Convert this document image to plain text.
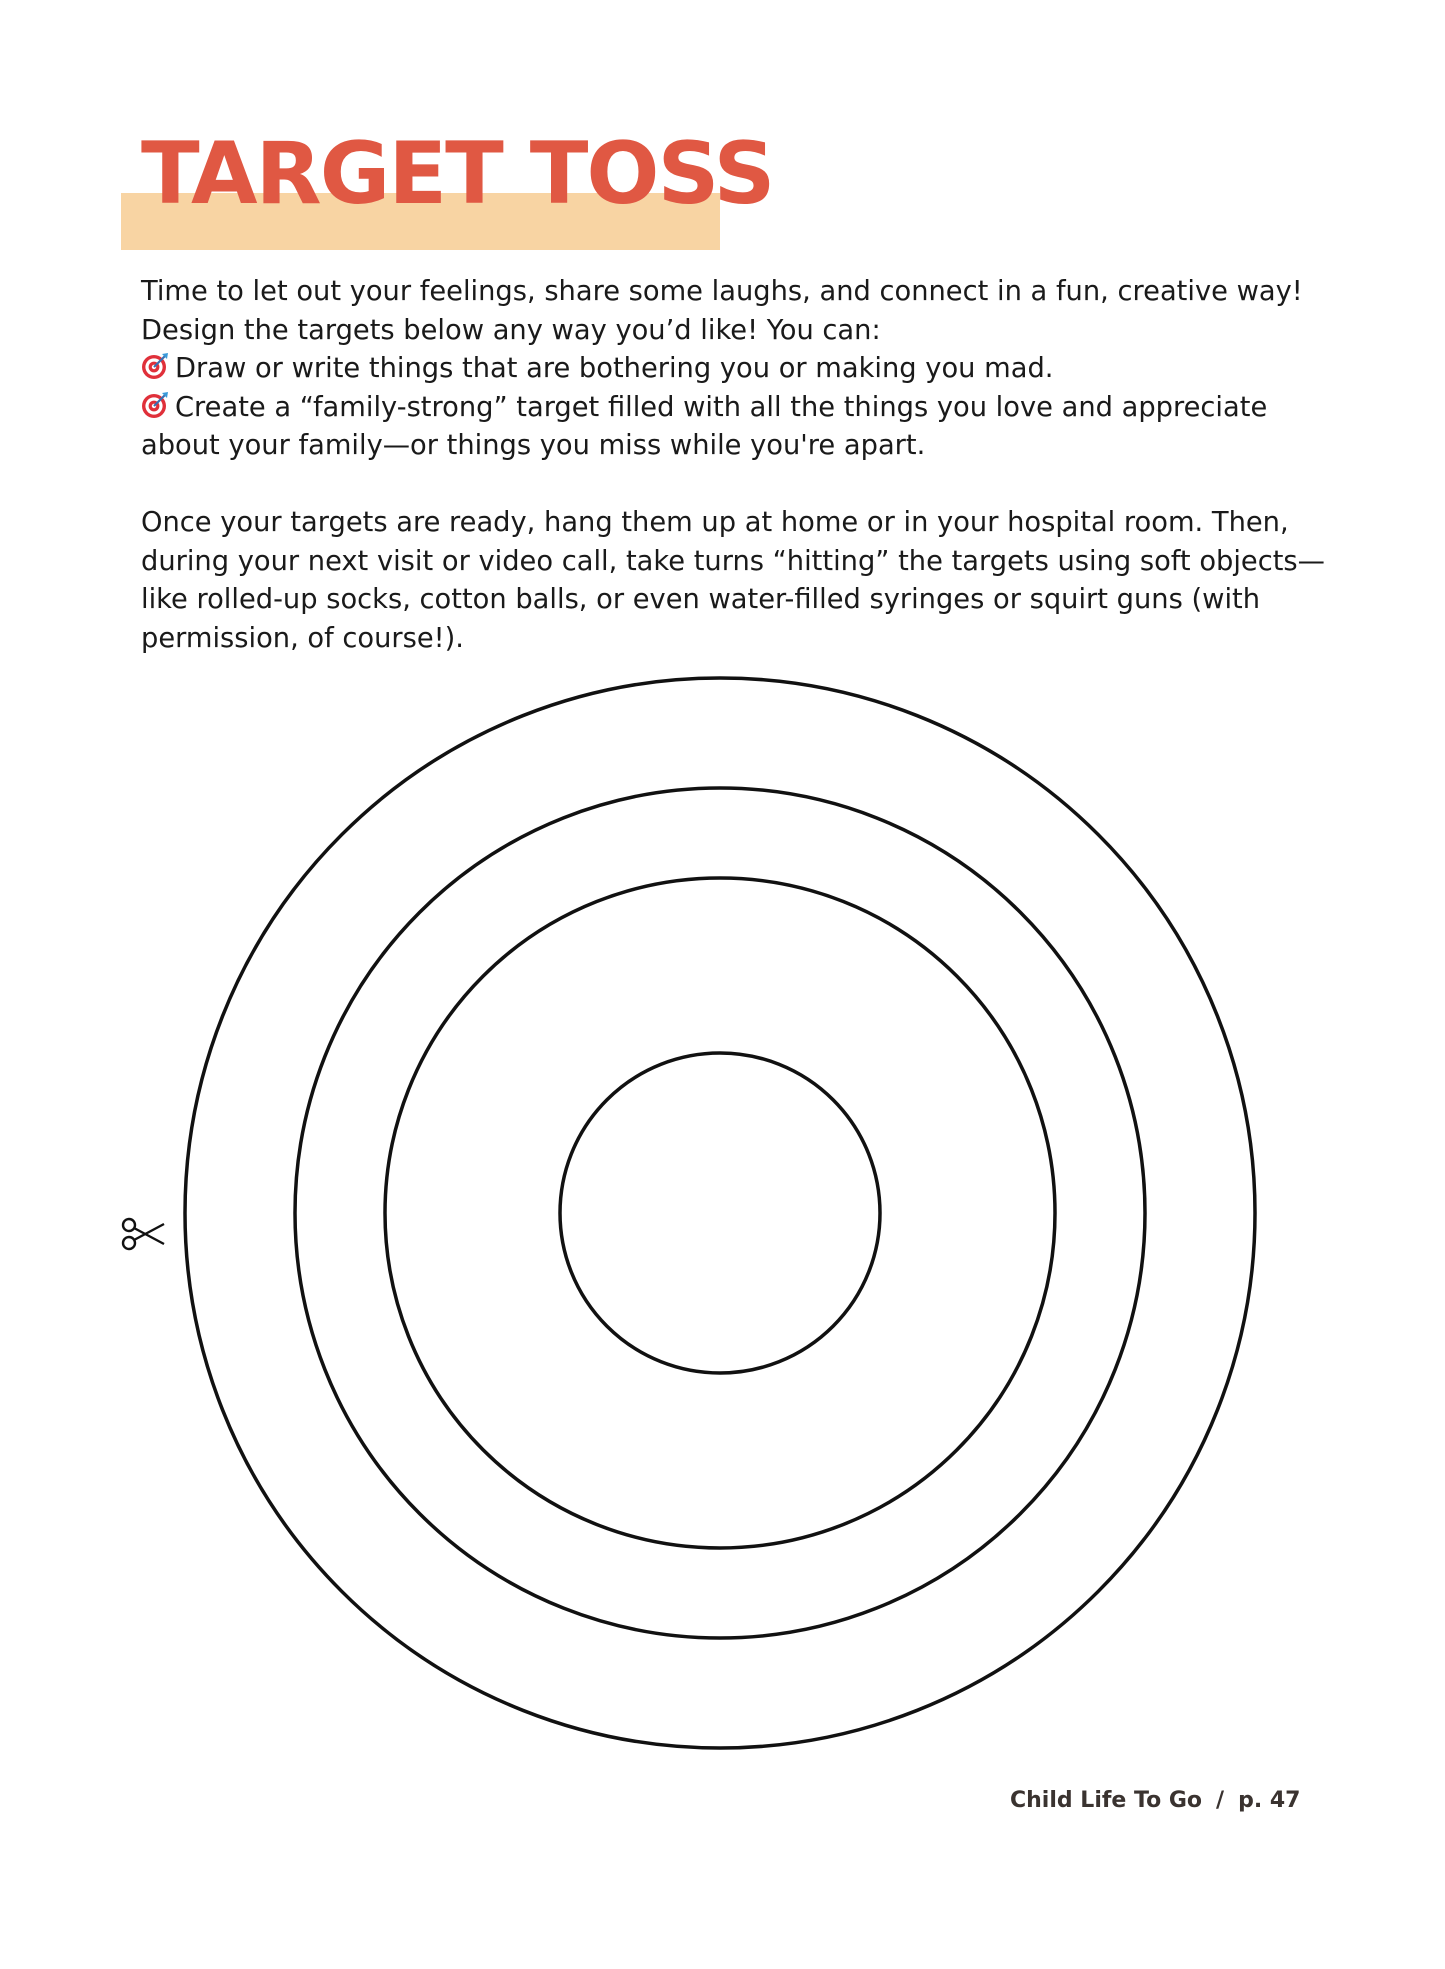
TARGET TOSS

Time to let out your feelings, share some laughs, and connect in a fun, creative way!

Design the targets below any way you’d like! You can:

Draw or write things that are bothering you or making you mad.

Create a “family-strong” target filled with all the things you love and appreciate

about your family—or things you miss while you're apart.

Once your targets are ready, hang them up at home or in your hospital room. Then,

during your next visit or video call, take turns “hitting” the targets using soft objects—

like rolled-up socks, cotton balls, or even water-filled syringes or squirt guns (with

permission, of course!).

Child Life To Go / p. 47
